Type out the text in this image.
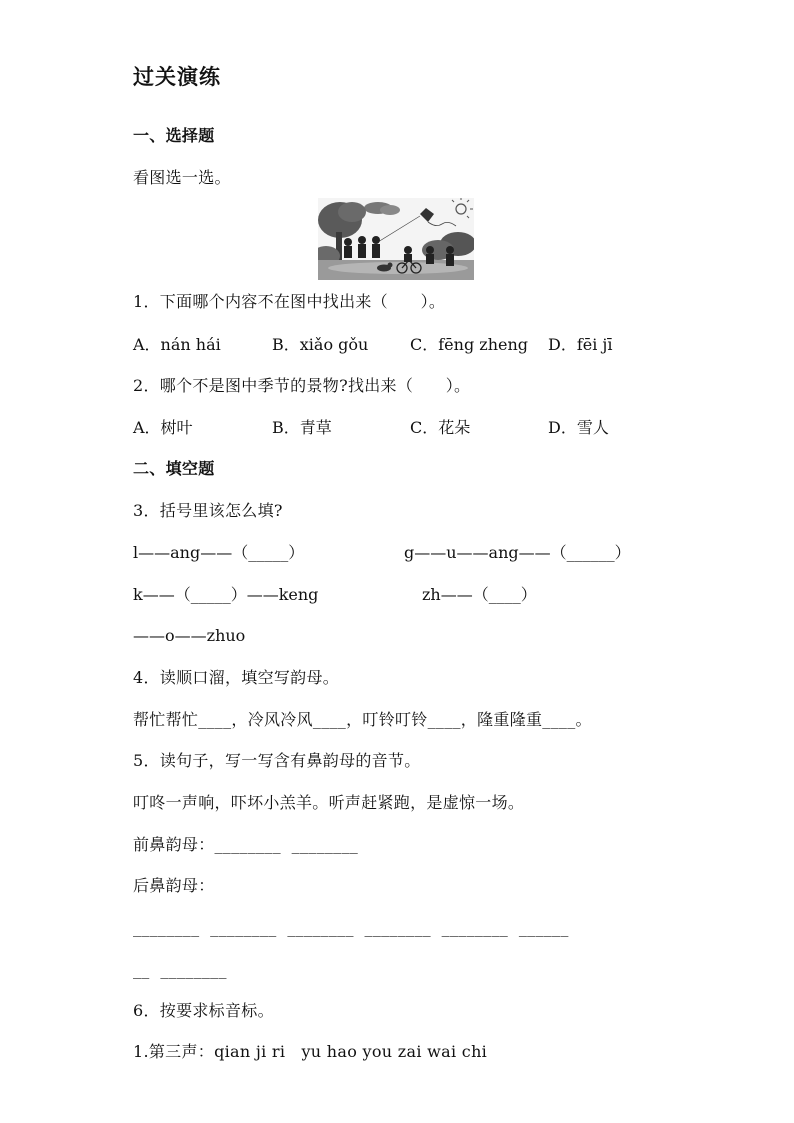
过关演练
一、选择题
看图选一选。
1．下面哪个内容不在图中找出来（　　）。
A．nán hái	B．xiǎo gǒu	C．fēng zheng D．fēi jī
2．哪个不是图中季节的景物?找出来（　　）。
A．树叶	B．青草	C．花朵	D．雪人
二、填空题
3．括号里该怎么填?
l——ang——（_____）	g——u——ang——（______）
k——（_____）——keng	zh——（____）
——o——zhuo
4．读顺口溜，填空写韵母。
帮忙帮忙____，冷风冷风____，叮铃叮铃____，隆重隆重____。
5．读句子，写一写含有鼻韵母的音节。
叮咚一声响，吓坏小羔羊。听声赶紧跑，是虚惊一场。
前鼻韵母：________  ________
后鼻韵母：
________  ________  ________  ________  ________  ______
__  ________
6．按要求标音标。
1.第三声：qian ji ri   yu hao you zai wai chi
